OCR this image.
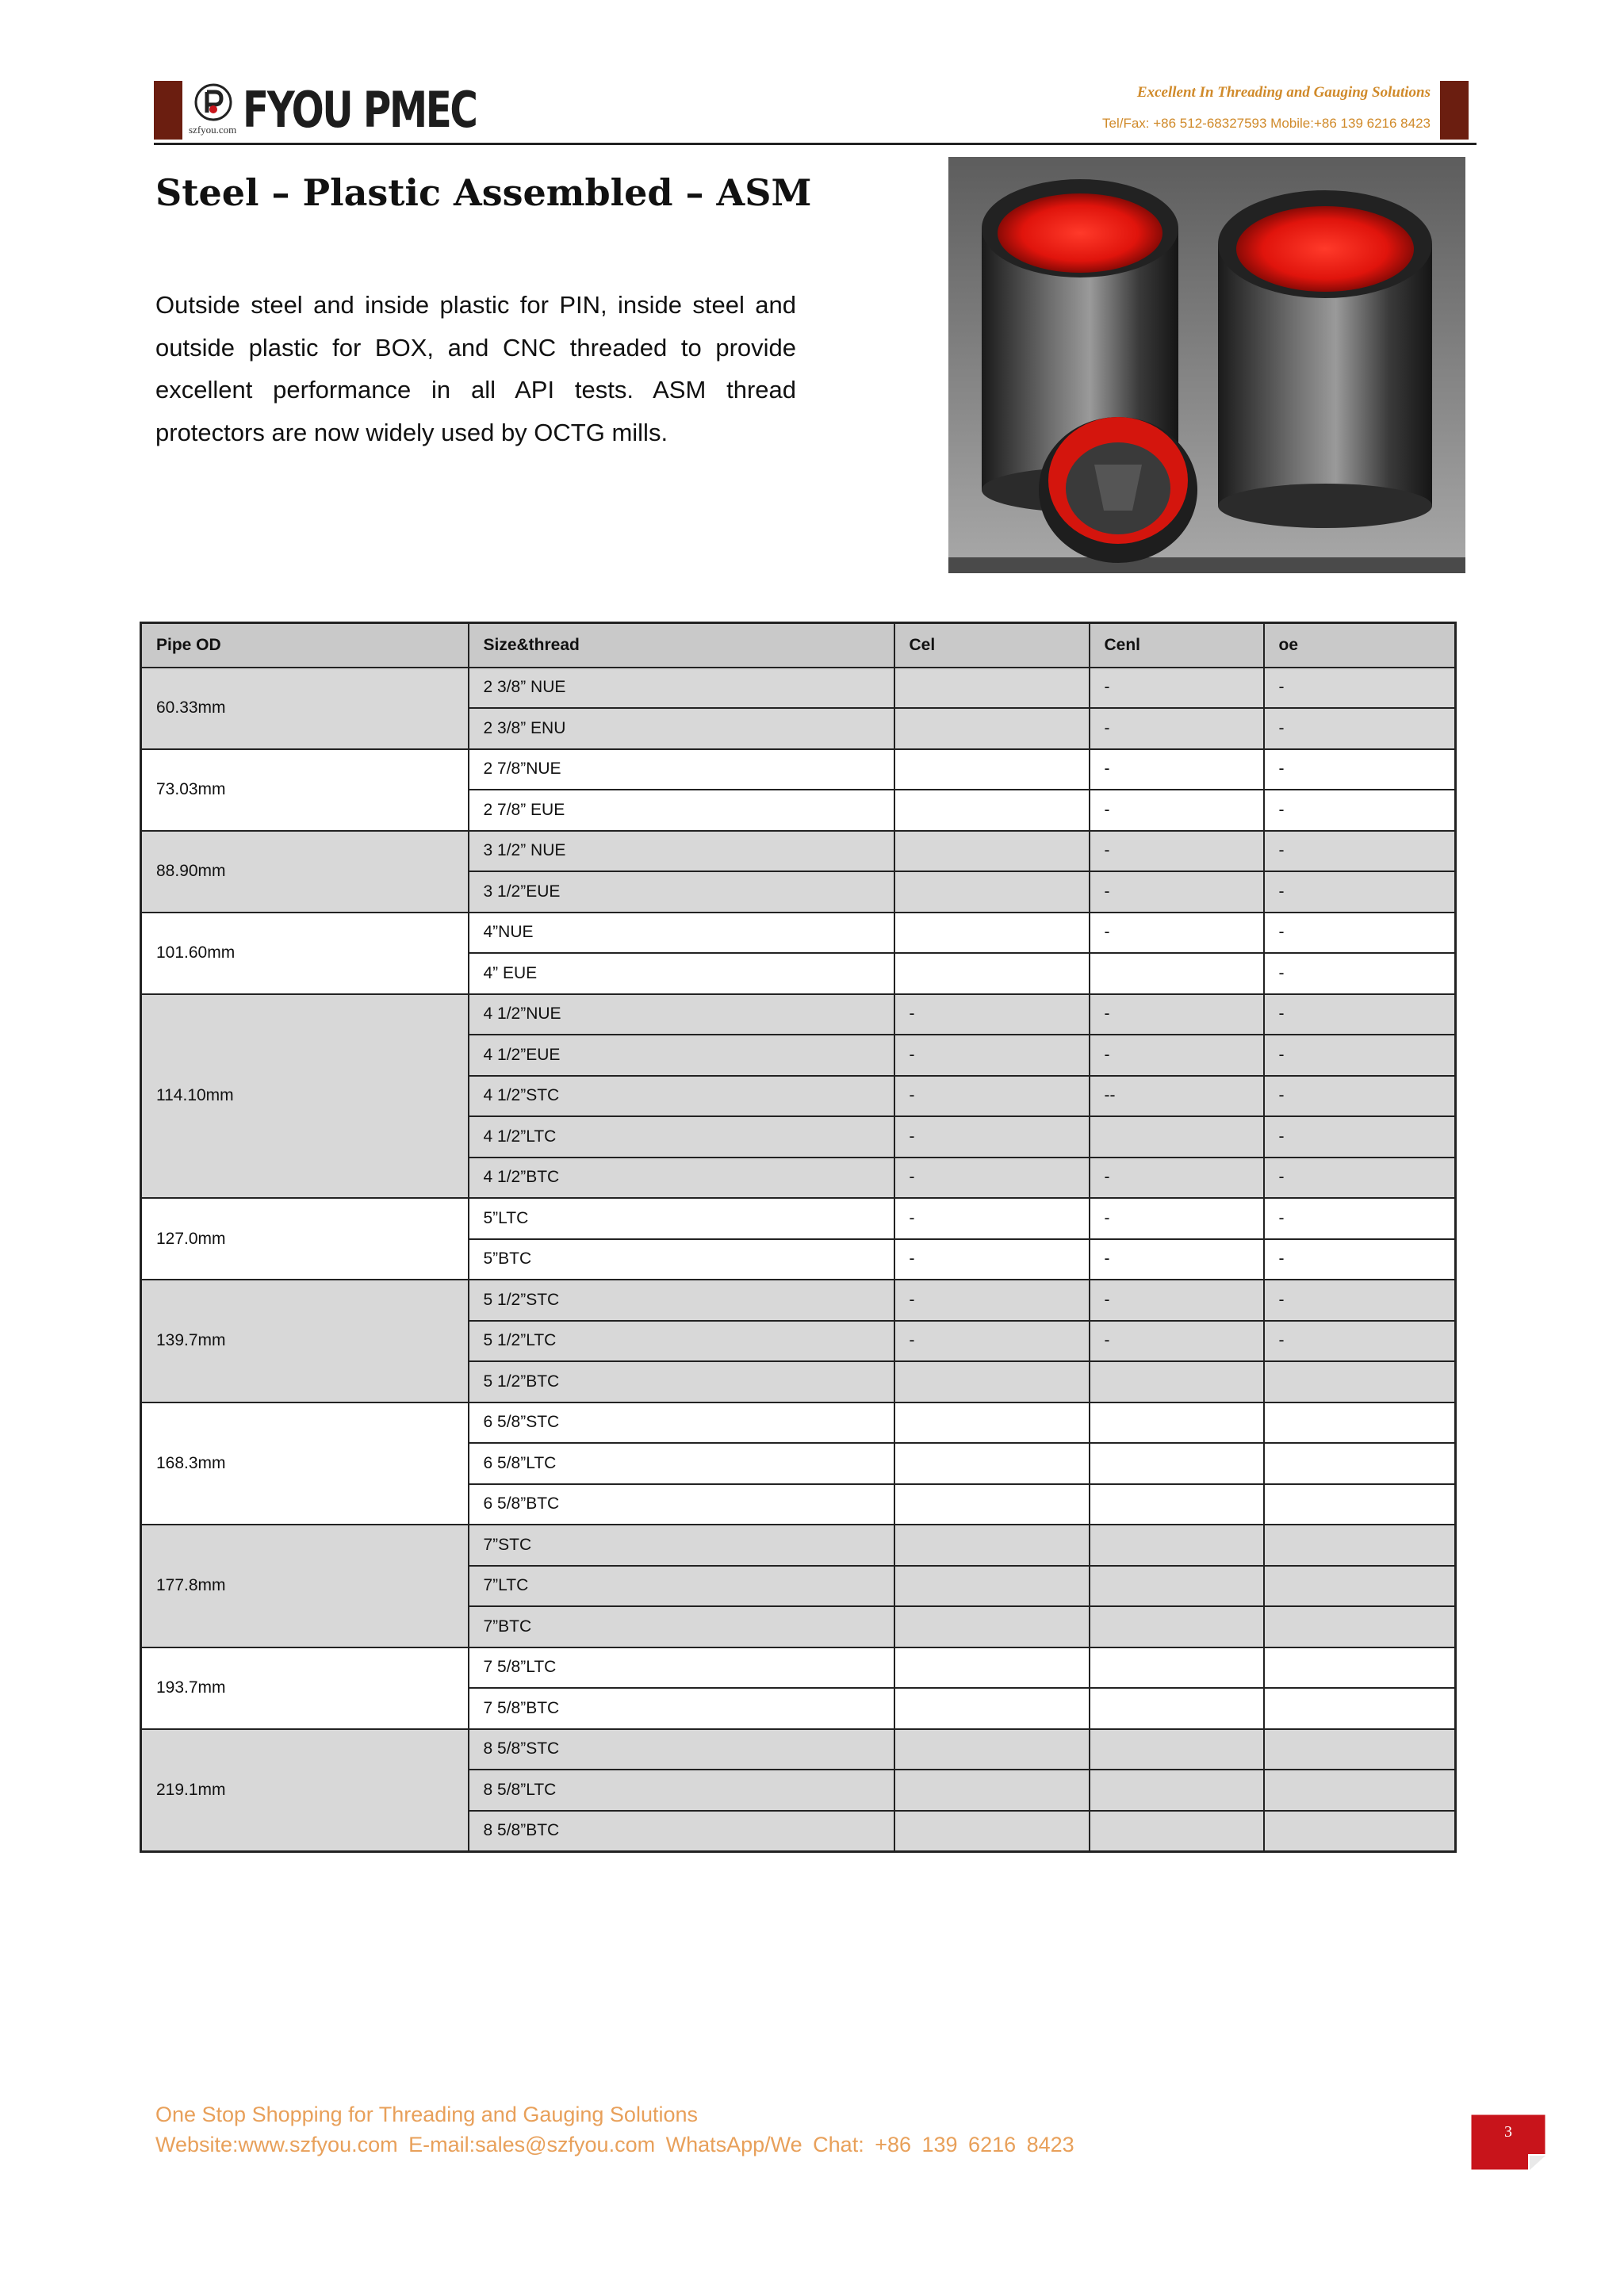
szfyou.com FYOU PMEC	Excellent In Threading and Gauging Solutions
Tel/Fax: +86 512-68327593 Mobile:+86 139 6216 8423
Steel – Plastic Assembled – ASM
Outside steel and inside plastic for PIN, inside steel and outside plastic for BOX, and CNC threaded to provide excellent performance in all API tests. ASM thread protectors are now widely used by OCTG mills.
Pipe OD	Size&thread	Cel	Cenl	oe
60.33mm	2 3/8” NUE		-	-
	2 3/8” ENU		-	-
73.03mm	2 7/8”NUE		-	-
	2 7/8” EUE		-	-
88.90mm	3 1/2” NUE		-	-
	3 1/2”EUE		-	-
101.60mm	4”NUE		-	-
	4” EUE			-
114.10mm	4 1/2”NUE	-	-	-
	4 1/2”EUE	-	-	-
	4 1/2”STC	-	--	-
	4 1/2”LTC	-		-
	4 1/2”BTC	-	-	-
127.0mm	5”LTC	-	-	-
	5”BTC	-	-	-
139.7mm	5 1/2”STC	-	-	-
	5 1/2”LTC	-	-	-
	5 1/2”BTC			
168.3mm	6 5/8”STC			
	6 5/8”LTC			
	6 5/8”BTC			
177.8mm	7”STC			
	7”LTC			
	7”BTC			
193.7mm	7 5/8”LTC			
	7 5/8”BTC			
219.1mm	8 5/8”STC			
	8 5/8”LTC			
	8 5/8”BTC			
One Stop Shopping for Threading and Gauging Solutions
Website:www.szfyou.com E-mail:sales@szfyou.com WhatsApp/We Chat: +86 139 6216 8423
3
